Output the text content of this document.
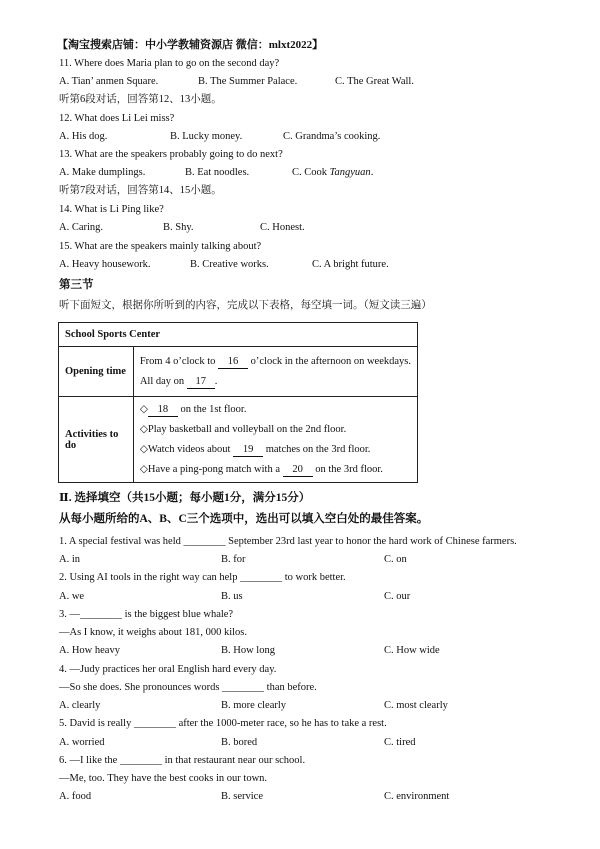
【淘宝搜索店铺：中小学教辅资源店 微信：mlxt2022】
11. Where does Maria plan to go on the second day?
A. Tian’ anmen Square.	B. The Summer Palace.	C. The Great Wall.
听第6段对话，回答第12、13小题。
12. What does Li Lei miss?
A. His dog.	B. Lucky money.	C. Grandma’s cooking.
13. What are the speakers probably going to do next?
A. Make dumplings.	B. Eat noodles.	C. Cook Tangyuan.
听第7段对话，回答第14、15小题。
14. What is Li Ping like?
A. Caring.	B. Shy.	C. Honest.
15. What are the speakers mainly talking about?
A. Heavy housework.	B. Creative works.	C. A bright future.
第三节
听下面短文，根据你所听到的内容，完成以下表格，每空填一词。（短文读三遍）
School Sports Center	
Opening time	From 4 o’clock to 16 o’clock in the afternoon on weekdays.
All day on 17 .

Activities to do	◇ 18 on the 1st floor.
◇Play basketball and volleyball on the 2nd floor.
◇Watch videos about 19 matches on the 3rd floor.
◇Have a ping-pong match with a 20 on the 3rd floor.
Ⅱ. 选择填空（共15小题；每小题1分，满分15分）
从每小题所给的A、B、C三个选项中，选出可以填入空白处的最佳答案。
1. A special festival was held ________ September 23rd last year to honor the hard work of Chinese farmers.
A. in	B. for	C. on
2. Using AI tools in the right way can help ________ to work better.
A. we	B. us	C. our
3. —________ is the biggest blue whale?
—As I know, it weighs about 181, 000 kilos.
A. How heavy	B. How long	C. How wide
4. —Judy practices her oral English hard every day.
—So she does. She pronounces words ________ than before.
A. clearly	B. more clearly	C. most clearly
5. David is really ________ after the 1000-meter race, so he has to take a rest.
A. worried	B. bored	C. tired
6. —I like the ________ in that restaurant near our school.
—Me, too. They have the best cooks in our town.
A. food	B. service	C. environment
